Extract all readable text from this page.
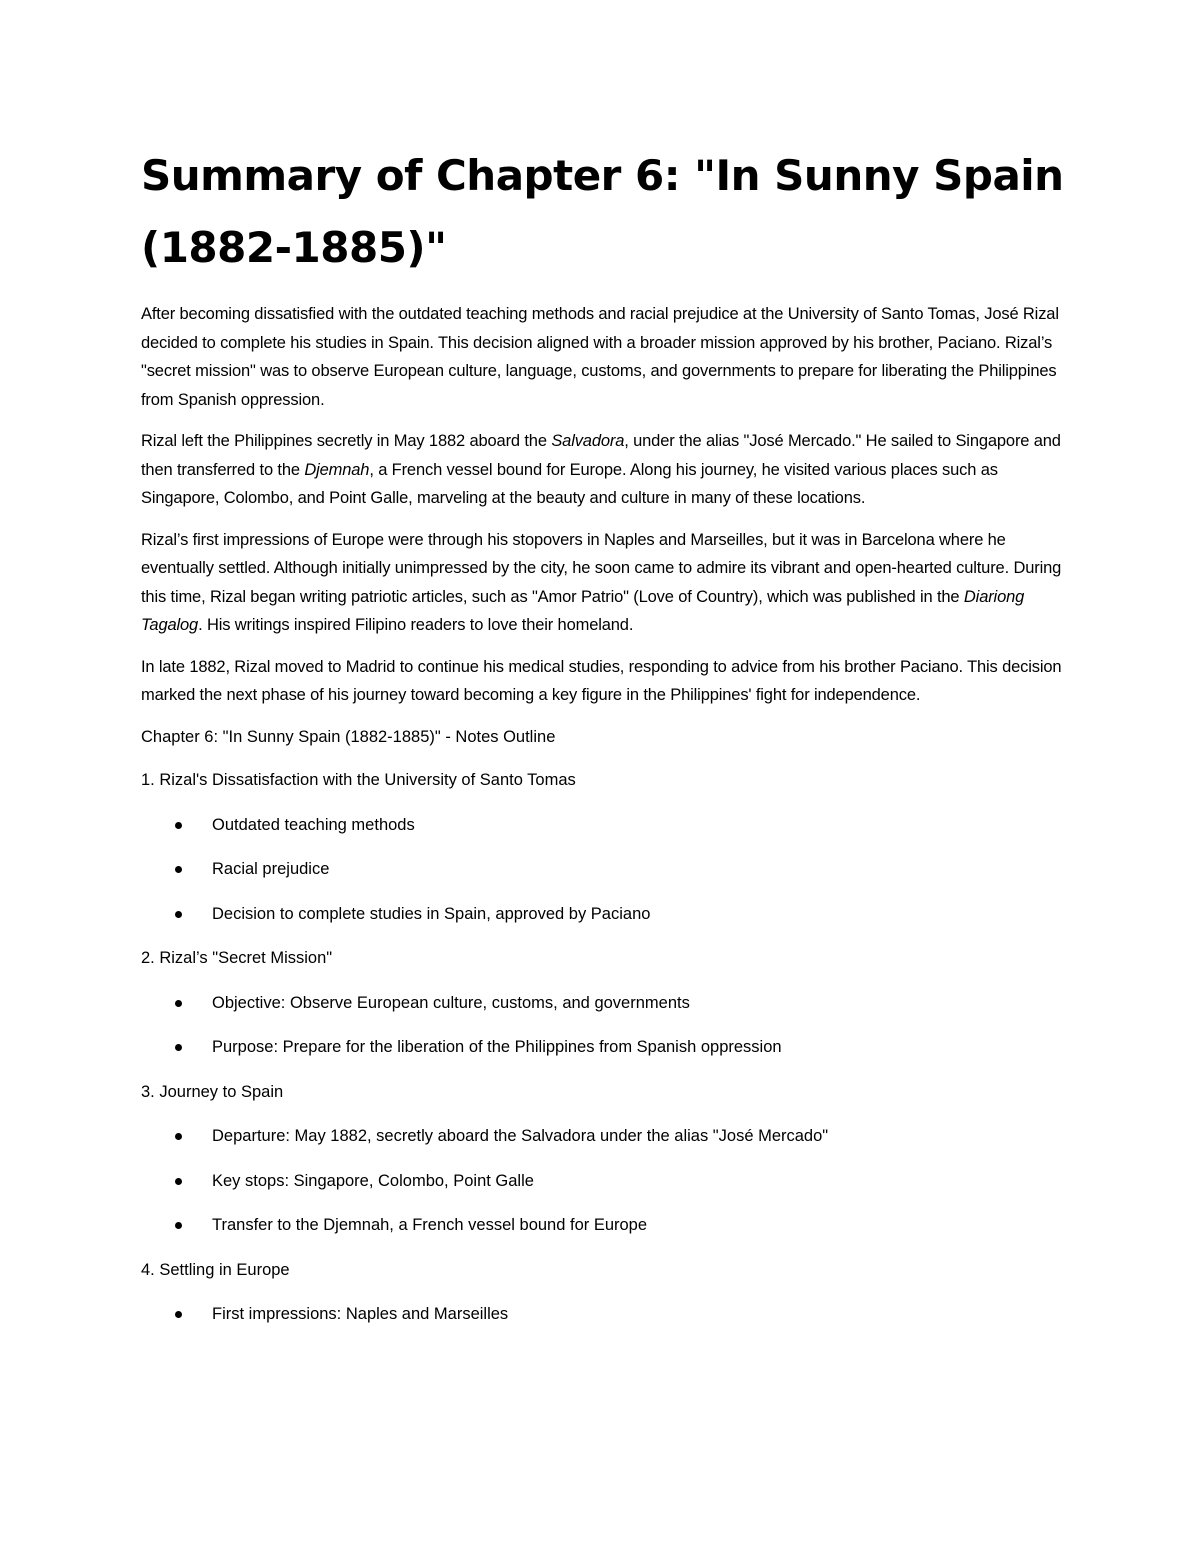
Summary of Chapter 6: "In Sunny Spain (1882-1885)"

After becoming dissatisfied with the outdated teaching methods and racial prejudice at the University of Santo Tomas, José Rizal decided to complete his studies in Spain. This decision aligned with a broader mission approved by his brother, Paciano. Rizal’s "secret mission" was to observe European culture, language, customs, and governments to prepare for liberating the Philippines from Spanish oppression.

Rizal left the Philippines secretly in May 1882 aboard the Salvadora, under the alias "José Mercado." He sailed to Singapore and then transferred to the Djemnah, a French vessel bound for Europe. Along his journey, he visited various places such as Singapore, Colombo, and Point Galle, marveling at the beauty and culture in many of these locations.

Rizal’s first impressions of Europe were through his stopovers in Naples and Marseilles, but it was in Barcelona where he eventually settled. Although initially unimpressed by the city, he soon came to admire its vibrant and open-hearted culture. During this time, Rizal began writing patriotic articles, such as "Amor Patrio" (Love of Country), which was published in the Diariong Tagalog. His writings inspired Filipino readers to love their homeland.

In late 1882, Rizal moved to Madrid to continue his medical studies, responding to advice from his brother Paciano. This decision marked the next phase of his journey toward becoming a key figure in the Philippines' fight for independence.

Chapter 6: "In Sunny Spain (1882-1885)" - Notes Outline

1. Rizal's Dissatisfaction with the University of Santo Tomas

Outdated teaching methods
Racial prejudice
Decision to complete studies in Spain, approved by Paciano

2. Rizal’s "Secret Mission"

Objective: Observe European culture, customs, and governments
Purpose: Prepare for the liberation of the Philippines from Spanish oppression

3. Journey to Spain

Departure: May 1882, secretly aboard the Salvadora under the alias "José Mercado"
Key stops: Singapore, Colombo, Point Galle
Transfer to the Djemnah, a French vessel bound for Europe

4. Settling in Europe

First impressions: Naples and Marseilles
